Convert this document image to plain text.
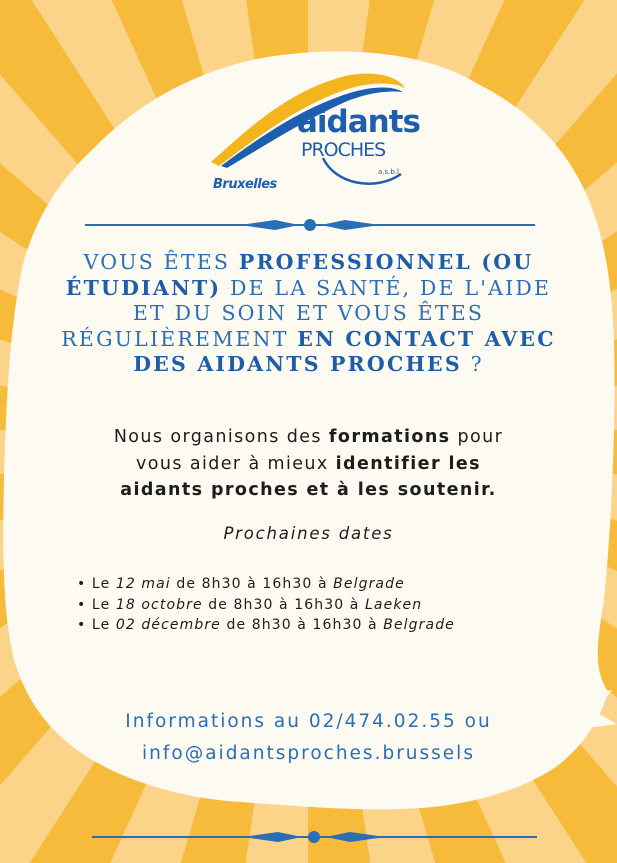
aidants
PROCHES
a.s.b.l.
Bruxelles
VOUS ÊTES PROFESSIONNEL (OU
ÉTUDIANT) DE LA SANTÉ, DE L'AIDE
ET DU SOIN ET VOUS ÊTES
RÉGULIÈREMENT EN CONTACT AVEC
DES AIDANTS PROCHES ?
Nous organisons des formations pour
vous aider à mieux identifier les
aidants proches et à les soutenir.
Prochaines dates
• Le 12 mai de 8h30 à 16h30 à Belgrade
• Le 18 octobre de 8h30 à 16h30 à Laeken
• Le 02 décembre de 8h30 à 16h30 à Belgrade
Informations au 02/474.02.55 ou
info@aidantsproches.brussels
